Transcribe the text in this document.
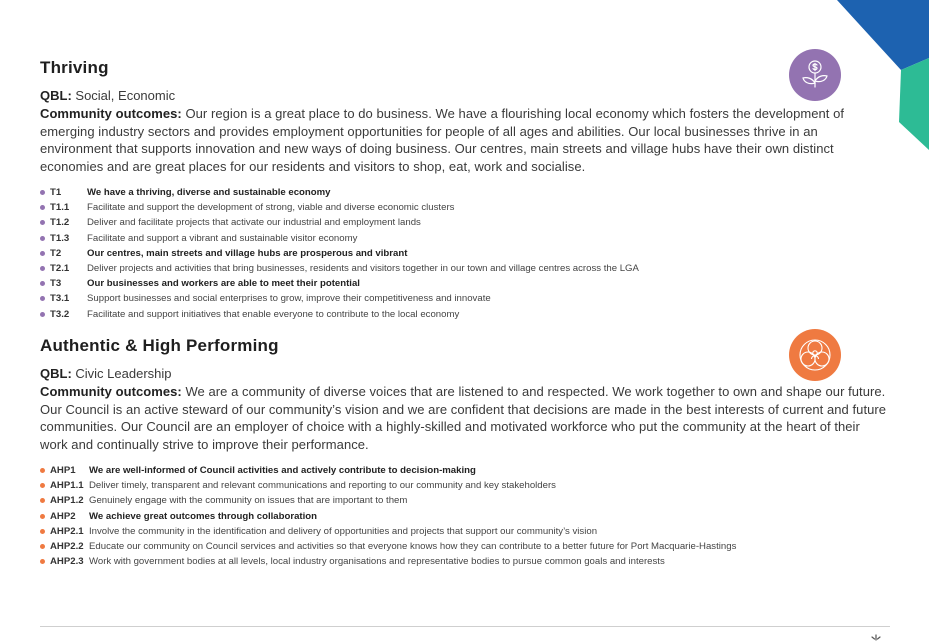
Thriving
QBL: Social, Economic
Community outcomes: Our region is a great place to do business. We have a flourishing local economy which fosters the development of emerging industry sectors and provides employment opportunities for people of all ages and abilities. Our local businesses thrive in an environment that supports innovation and new ways of doing business. Our centres, main streets and village hubs have their own distinct economies and are great places for our residents and visitors to shop, eat, work and socialise.
T1	We have a thriving, diverse and sustainable economy
T1.1	Facilitate and support the development of strong, viable and diverse economic clusters
T1.2	Deliver and facilitate projects that activate our industrial and employment lands
T1.3	Facilitate and support a vibrant and sustainable visitor economy
T2	Our centres, main streets and village hubs are prosperous and vibrant
T2.1	Deliver projects and activities that bring businesses, residents and visitors together in our town and village centres across the LGA
T3	Our businesses and workers are able to meet their potential
T3.1	Support businesses and social enterprises to grow, improve their competitiveness and innovate
T3.2	Facilitate and support initiatives that enable everyone to contribute to the local economy
Authentic & High Performing
QBL: Civic Leadership
Community outcomes: We are a community of diverse voices that are listened to and respected. We work together to own and shape our future. Our Council is an active steward of our community’s vision and we are confident that decisions are made in the best interests of current and future communities. Our Council are an employer of choice with a highly-skilled and motivated workforce who put the community at the heart of their work and continually strive to improve their performance.
AHP1	We are well-informed of Council activities and actively contribute to decision-making
AHP1.1 Deliver timely, transparent and relevant communications and reporting to our community and key stakeholders
AHP1.2 Genuinely engage with the community on issues that are important to them
AHP2	We achieve great outcomes through collaboration
AHP2.1 Involve the community in the identification and delivery of opportunities and projects that support our community’s vision
AHP2.2 Educate our community on Council services and activities so that everyone knows how they can contribute to a better future for Port Macquarie-Hastings
AHP2.3 Work with government bodies at all levels, local industry organisations and representative bodies to pursue common goals and interests
